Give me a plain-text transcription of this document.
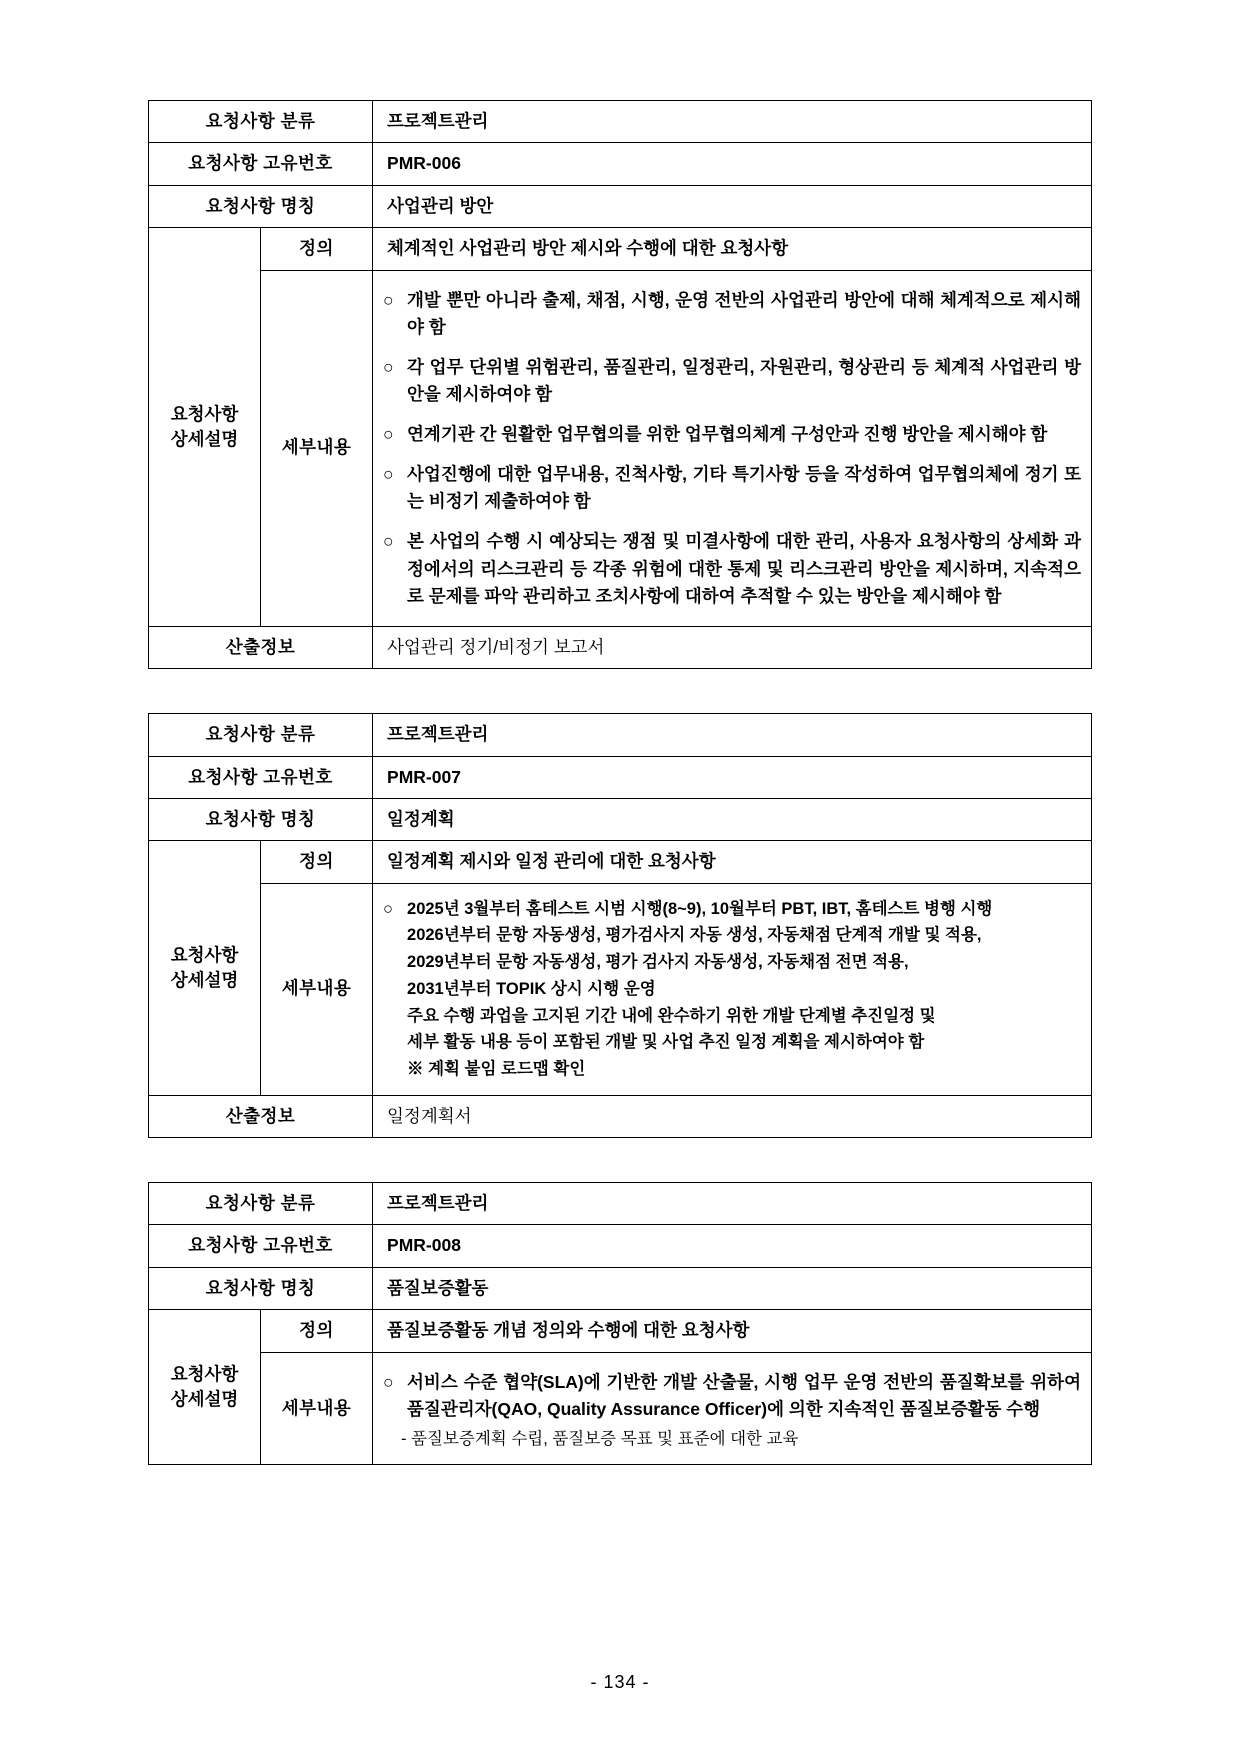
요청사항 분류		프로젝트관리
요청사항 고유번호		PMR-006
요청사항 명칭		사업관리 방안

요청사항
상세설명	정의	체계적인 사업관리 방안 제시와 수행에 대한 요청사항
세부내용	
○ 개발 뿐만 아니라 출제, 채점, 시행, 운영 전반의 사업관리 방안에 대해 체계적으로 제시해야 함
○ 각 업무 단위별 위험관리, 품질관리, 일정관리, 자원관리, 형상관리 등 체계적 사업관리 방안을 제시하여야 함
○ 연계기관 간 원활한 업무협의를 위한 업무협의체계 구성안과 진행 방안을 제시해야 함
○ 사업진행에 대한 업무내용, 진척사항, 기타 특기사항 등을 작성하여 업무협의체에 정기 또는 비정기 제출하여야 함
○ 본 사업의 수행 시 예상되는 쟁점 및 미결사항에 대한 관리, 사용자 요청사항의 상세화 과정에서의 리스크관리 등 각종 위험에 대한 통제 및 리스크관리 방안을 제시하며, 지속적으로 문제를 파악 관리하고 조치사항에 대하여 추적할 수 있는 방안을 제시해야 함

산출정보		사업관리 정기/비정기 보고서
요청사항 분류		프로젝트관리
요청사항 고유번호		PMR-007
요청사항 명칭		일정계획

요청사항
상세설명	정의	일정계획 제시와 일정 관리에 대한 요청사항
세부내용	
○ 2025년 3월부터 홈테스트 시범 시행(8~9), 10월부터 PBT, IBT, 홈테스트 병행 시행
2026년부터 문항 자동생성, 평가검사지 자동 생성, 자동채점 단계적 개발 및 적용,
2029년부터 문항 자동생성, 평가 검사지 자동생성, 자동채점 전면 적용,
2031년부터 TOPIK 상시 시행 운영
주요 수행 과업을 고지된 기간 내에 완수하기 위한 개발 단계별 추진일정 및
세부 활동 내용 등이 포함된 개발 및 사업 추진 일정 계획을 제시하여야 함
※ 계획 붙임 로드맵 확인

산출정보		일정계획서
요청사항 분류		프로젝트관리
요청사항 고유번호		PMR-008
요청사항 명칭		품질보증활동

요청사항
상세설명	정의	품질보증활동 개념 정의와 수행에 대한 요청사항
세부내용	
○ 서비스 수준 협약(SLA)에 기반한 개발 산출물, 시행 업무 운영 전반의 품질확보를 위하여 품질관리자(QAO, Quality Assurance Officer)에 의한 지속적인 품질보증활동 수행
- 품질보증계획 수립, 품질보증 목표 및 표준에 대한 교육
- 134 -
